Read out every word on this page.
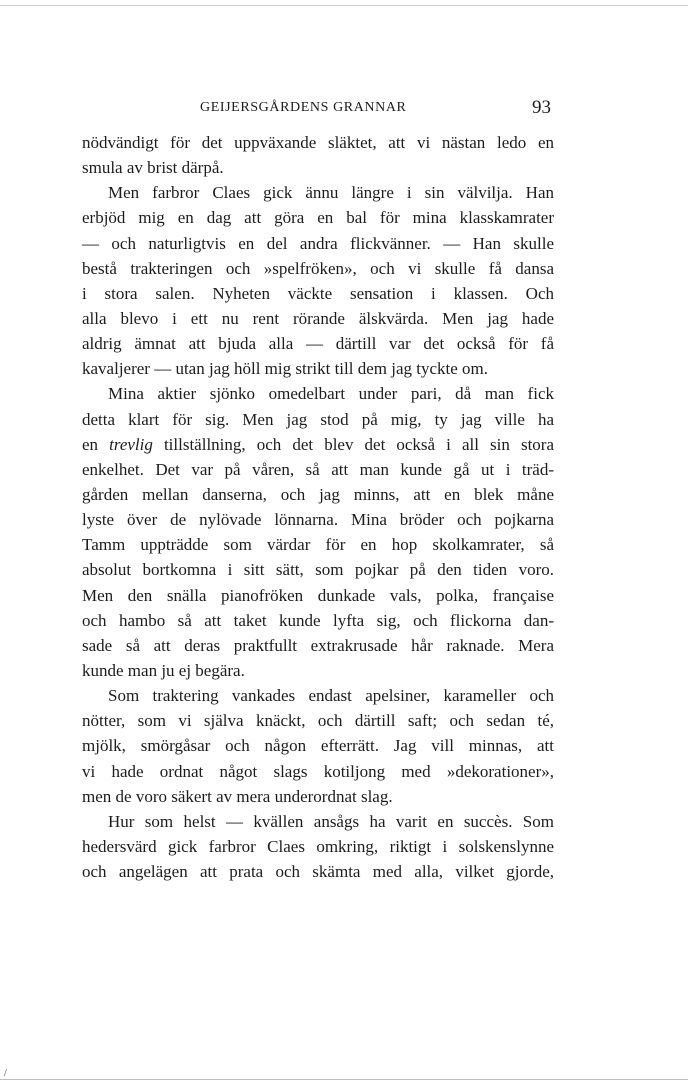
GEIJERSGÅRDENS GRANNAR	93
nödvändigt för det uppväxande släktet, att vi nästan ledo en
smula av brist därpå.
Men farbror Claes gick ännu längre i sin välvilja. Han
erbjöd mig en dag att göra en bal för mina klasskamrater
— och naturligtvis en del andra flickvänner. — Han skulle
bestå trakteringen och »spelfröken», och vi skulle få dansa
i stora salen. Nyheten väckte sensation i klassen. Och
alla blevo i ett nu rent rörande älskvärda. Men jag hade
aldrig ämnat att bjuda alla — därtill var det också för få
kavaljerer — utan jag höll mig strikt till dem jag tyckte om.
Mina aktier sjönko omedelbart under pari, då man fick
detta klart för sig. Men jag stod på mig, ty jag ville ha
en trevlig tillställning, och det blev det också i all sin stora
enkelhet. Det var på våren, så att man kunde gå ut i träd-
gården mellan danserna, och jag minns, att en blek måne
lyste över de nylövade lönnarna. Mina bröder och pojkarna
Tamm uppträdde som värdar för en hop skolkamrater, så
absolut bortkomna i sitt sätt, som pojkar på den tiden voro.
Men den snälla pianofröken dunkade vals, polka, française
och hambo så att taket kunde lyfta sig, och flickorna dan-
sade så att deras praktfullt extrakrusade hår raknade. Mera
kunde man ju ej begära.
Som traktering vankades endast apelsiner, karameller och
nötter, som vi själva knäckt, och därtill saft; och sedan té,
mjölk, smörgåsar och någon efterrätt. Jag vill minnas, att
vi hade ordnat något slags kotiljong med »dekorationer»,
men de voro säkert av mera underordnat slag.
Hur som helst — kvällen ansågs ha varit en succès. Som
hedersvärd gick farbror Claes omkring, riktigt i solskenslynne
och angelägen att prata och skämta med alla, vilket gjorde,
/
